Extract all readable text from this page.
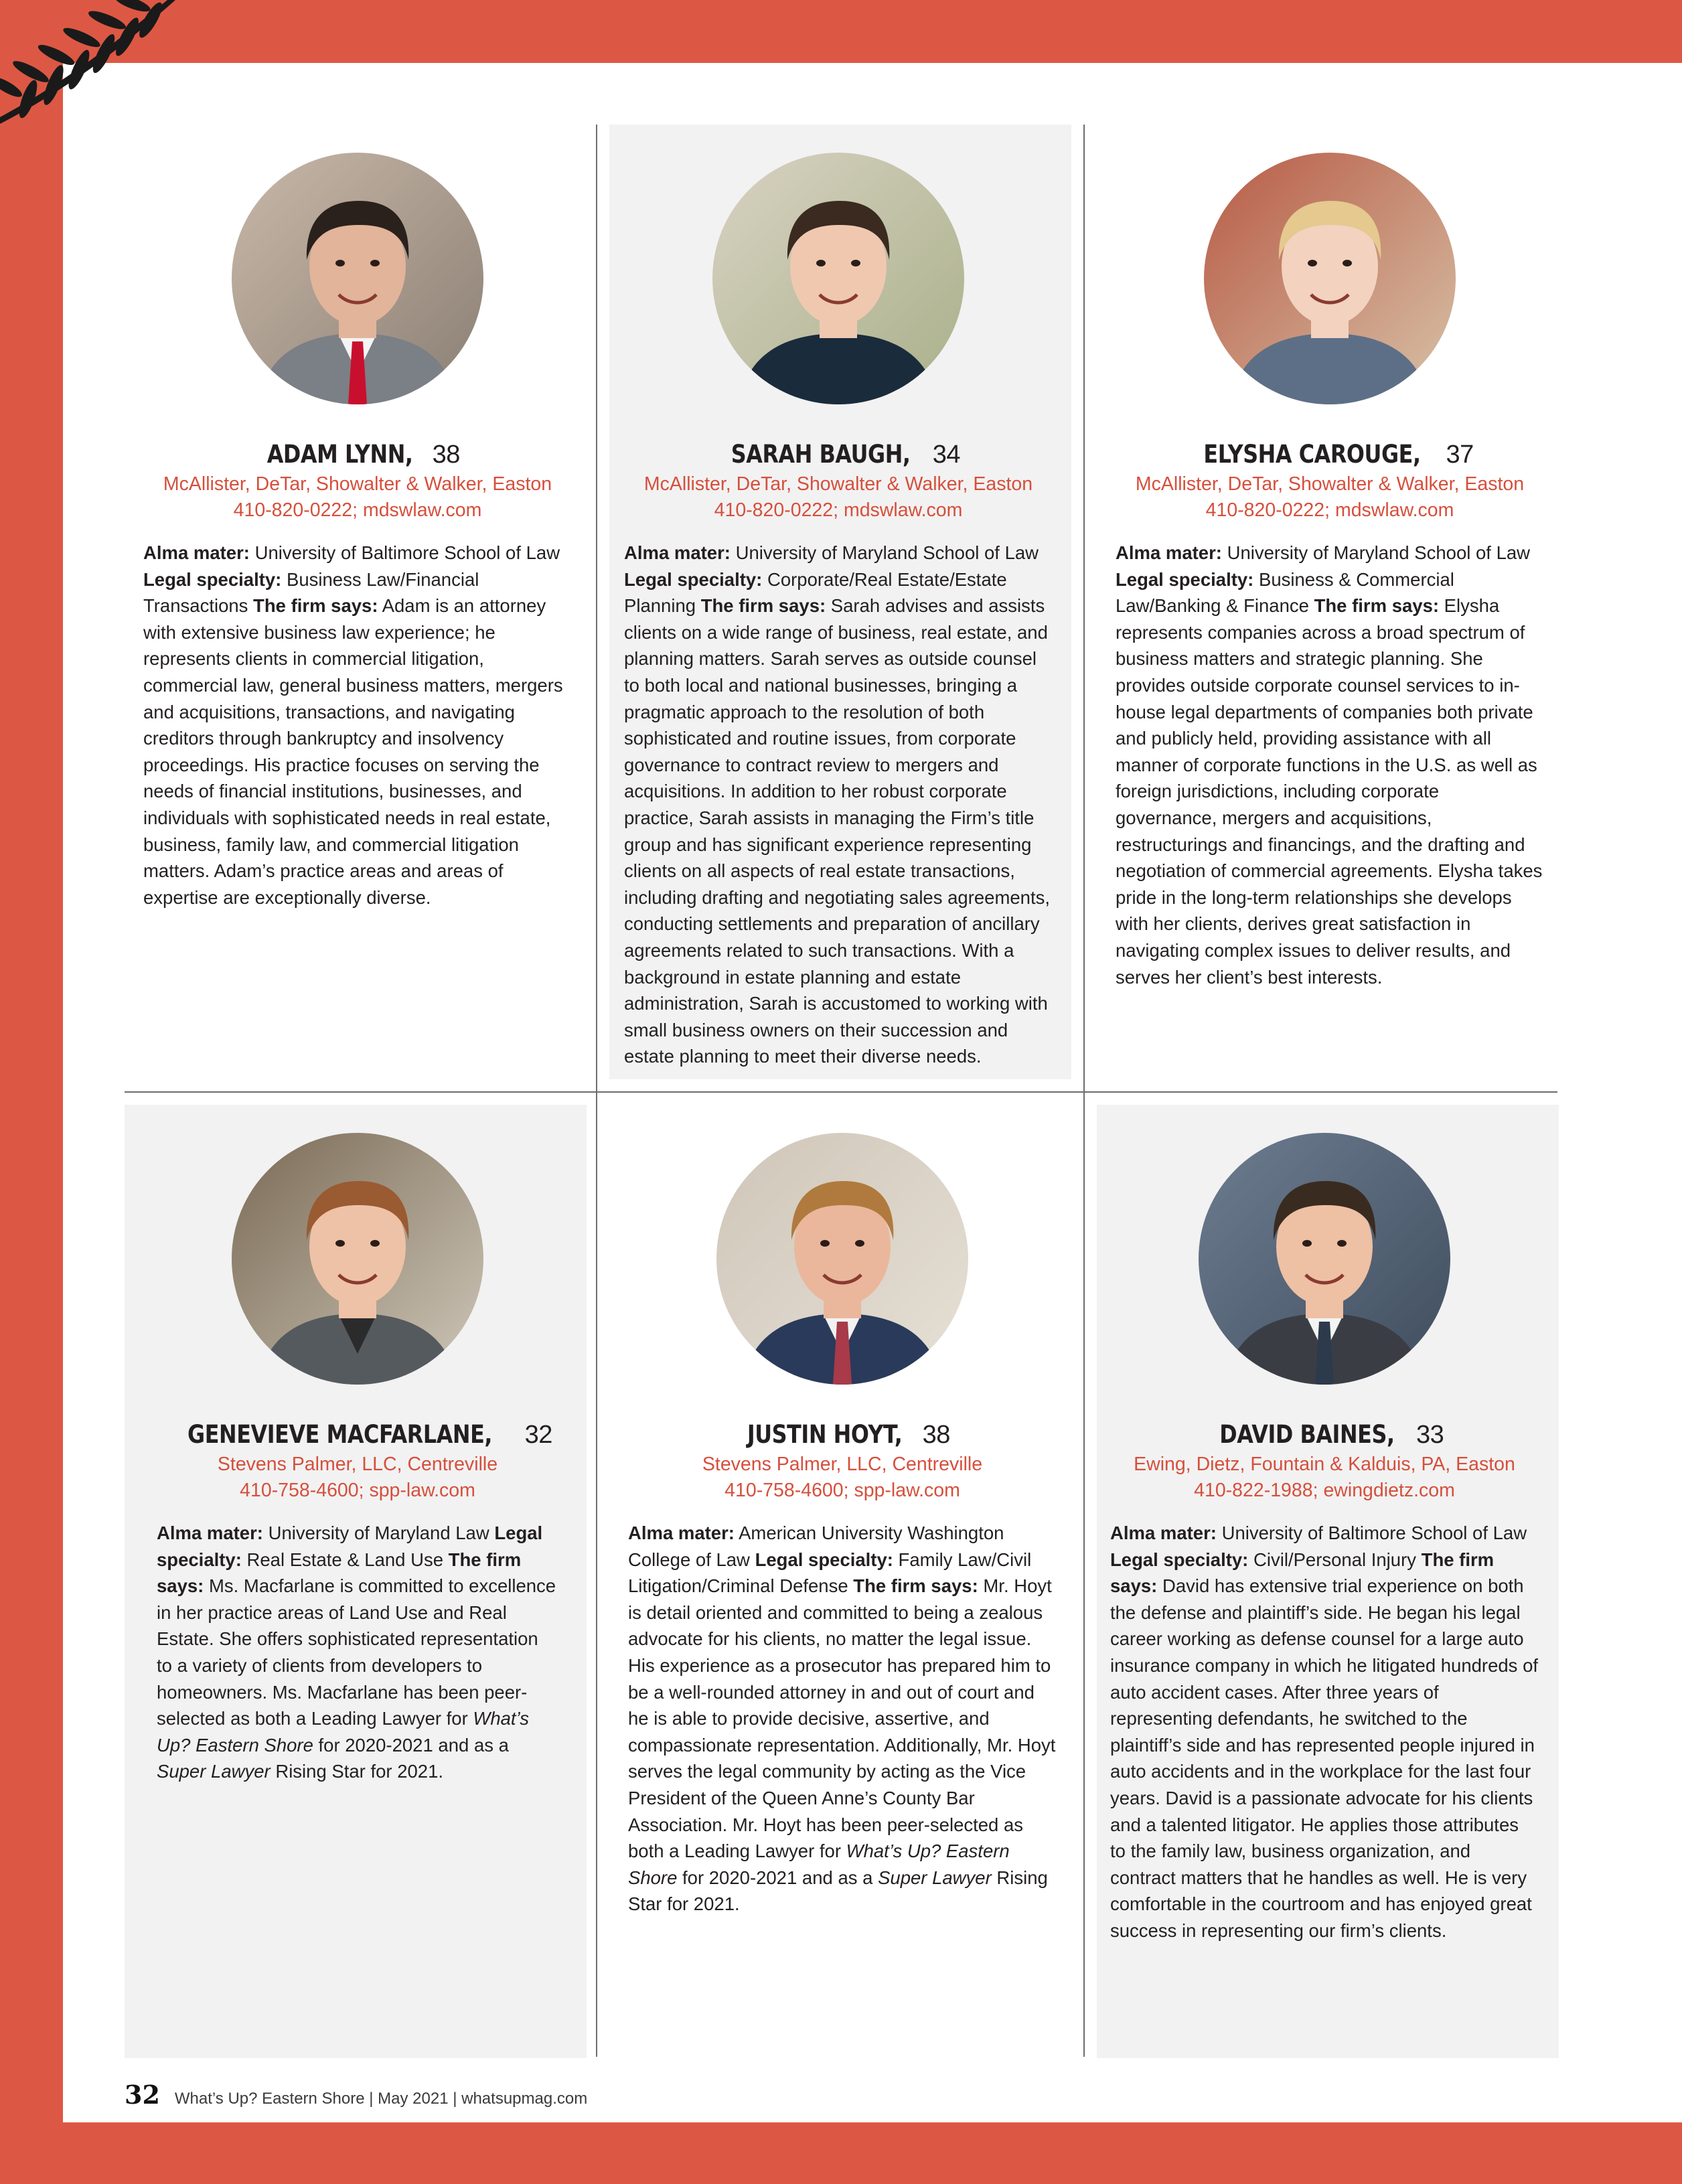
ADAM LYNN, 38
McAllister, DeTar, Showalter & Walker, Easton
410-820-0222; mdswlaw.com
Alma mater: University of Baltimore School of Law Legal specialty: Business Law/Financial Transactions The firm says: Adam is an attorney with extensive business law experience; he represents clients in commercial litigation, commercial law, general business matters, mergers and acquisitions, transactions, and navigating creditors through bankruptcy and insolvency proceedings. His practice focuses on serving the needs of financial institutions, businesses, and individuals with sophisticated needs in real estate, business, family law, and commercial litigation matters. Adam’s practice areas and areas of expertise are exceptionally diverse.
SARAH BAUGH, 34
McAllister, DeTar, Showalter & Walker, Easton
410-820-0222; mdswlaw.com
Alma mater: University of Maryland School of Law Legal specialty: Corporate/Real Estate/Estate Planning The firm says: Sarah advises and assists clients on a wide range of business, real estate, and planning matters. Sarah serves as outside counsel to both local and national businesses, bringing a pragmatic approach to the resolution of both sophisticated and routine issues, from corporate governance to contract review to mergers and acquisitions. In addition to her robust corporate practice, Sarah assists in managing the Firm’s title group and has significant experience representing clients on all aspects of real estate transactions, including drafting and negotiating sales agreements, conducting settlements and preparation of ancillary agreements related to such transactions. With a background in estate planning and estate administration, Sarah is accustomed to working with small business owners on their succession and estate planning to meet their diverse needs.
ELYSHA CAROUGE, 37
McAllister, DeTar, Showalter & Walker, Easton
410-820-0222; mdswlaw.com
Alma mater: University of Maryland School of Law Legal specialty: Business & Commercial Law/Banking & Finance The firm says: Elysha represents companies across a broad spectrum of business matters and strategic planning. She provides outside corporate counsel services to in-house legal departments of companies both private and publicly held, providing assistance with all manner of corporate functions in the U.S. as well as foreign jurisdictions, including corporate governance, mergers and acquisitions, restructurings and financings, and the drafting and negotiation of commercial agreements. Elysha takes pride in the long-term relationships she develops with her clients, derives great satisfaction in navigating complex issues to deliver results, and serves her client’s best interests.
GENEVIEVE MACFARLANE, 32
Stevens Palmer, LLC, Centreville
410-758-4600; spp-law.com
Alma mater: University of Maryland Law Legal specialty: Real Estate & Land Use The firm says: Ms. Macfarlane is committed to excellence in her practice areas of Land Use and Real Estate. She offers sophisticated representation to a variety of clients from developers to homeowners. Ms. Macfarlane has been peer-selected as both a Leading Lawyer for What’s Up? Eastern Shore for 2020-2021 and as a Super Lawyer Rising Star for 2021.
JUSTIN HOYT, 38
Stevens Palmer, LLC, Centreville
410-758-4600; spp-law.com
Alma mater: American University Washington College of Law Legal specialty: Family Law/Civil Litigation/Criminal Defense The firm says: Mr. Hoyt is detail oriented and committed to being a zealous advocate for his clients, no matter the legal issue. His experience as a prosecutor has prepared him to be a well-rounded attorney in and out of court and he is able to provide decisive, assertive, and compassionate representation. Additionally, Mr. Hoyt serves the legal community by acting as the Vice President of the Queen Anne’s County Bar Association. Mr. Hoyt has been peer-selected as both a Leading Lawyer for What’s Up? Eastern Shore for 2020-2021 and as a Super Lawyer Rising Star for 2021.
DAVID BAINES, 33
Ewing, Dietz, Fountain & Kalduis, PA, Easton
410-822-1988; ewingdietz.com
Alma mater: University of Baltimore School of Law Legal specialty: Civil/Personal Injury The firm says: David has extensive trial experience on both the defense and plaintiff’s side. He began his legal career working as defense counsel for a large auto insurance company in which he litigated hundreds of auto accident cases. After three years of representing defendants, he switched to the plaintiff’s side and has represented people injured in auto accidents and in the workplace for the last four years. David is a passionate advocate for his clients and a talented litigator. He applies those attributes to the family law, business organization, and contract matters that he handles as well. He is very comfortable in the courtroom and has enjoyed great success in representing our firm’s clients.
32 What’s Up? Eastern Shore | May 2021 | whatsupmag.com
